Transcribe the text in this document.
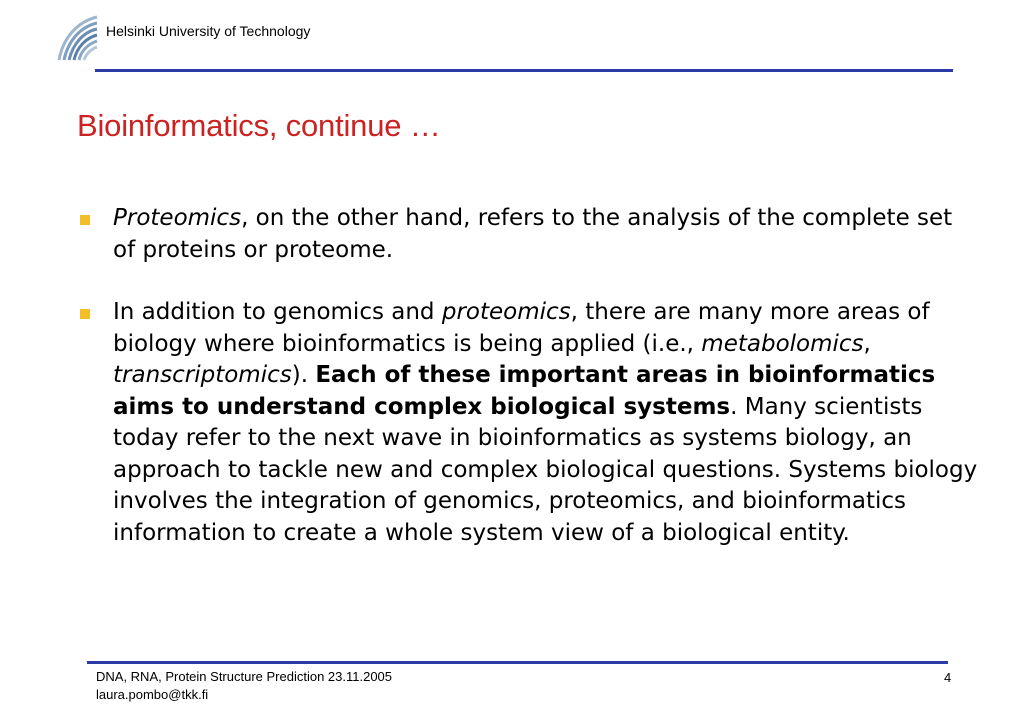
Helsinki University of Technology
Bioinformatics, continue …
Proteomics, on the other hand, refers to the analysis of the complete set of proteins or proteome.
In addition to genomics and proteomics, there are many more areas of biology where bioinformatics is being applied (i.e., metabolomics, transcriptomics). Each of these important areas in bioinformatics aims to understand complex biological systems. Many scientists today refer to the next wave in bioinformatics as systems biology, an approach to tackle new and complex biological questions. Systems biology involves the integration of genomics, proteomics, and bioinformatics information to create a whole system view of a biological entity.
DNA, RNA, Protein Structure Prediction 23.11.2005
laura.pombo@tkk.fi
4
